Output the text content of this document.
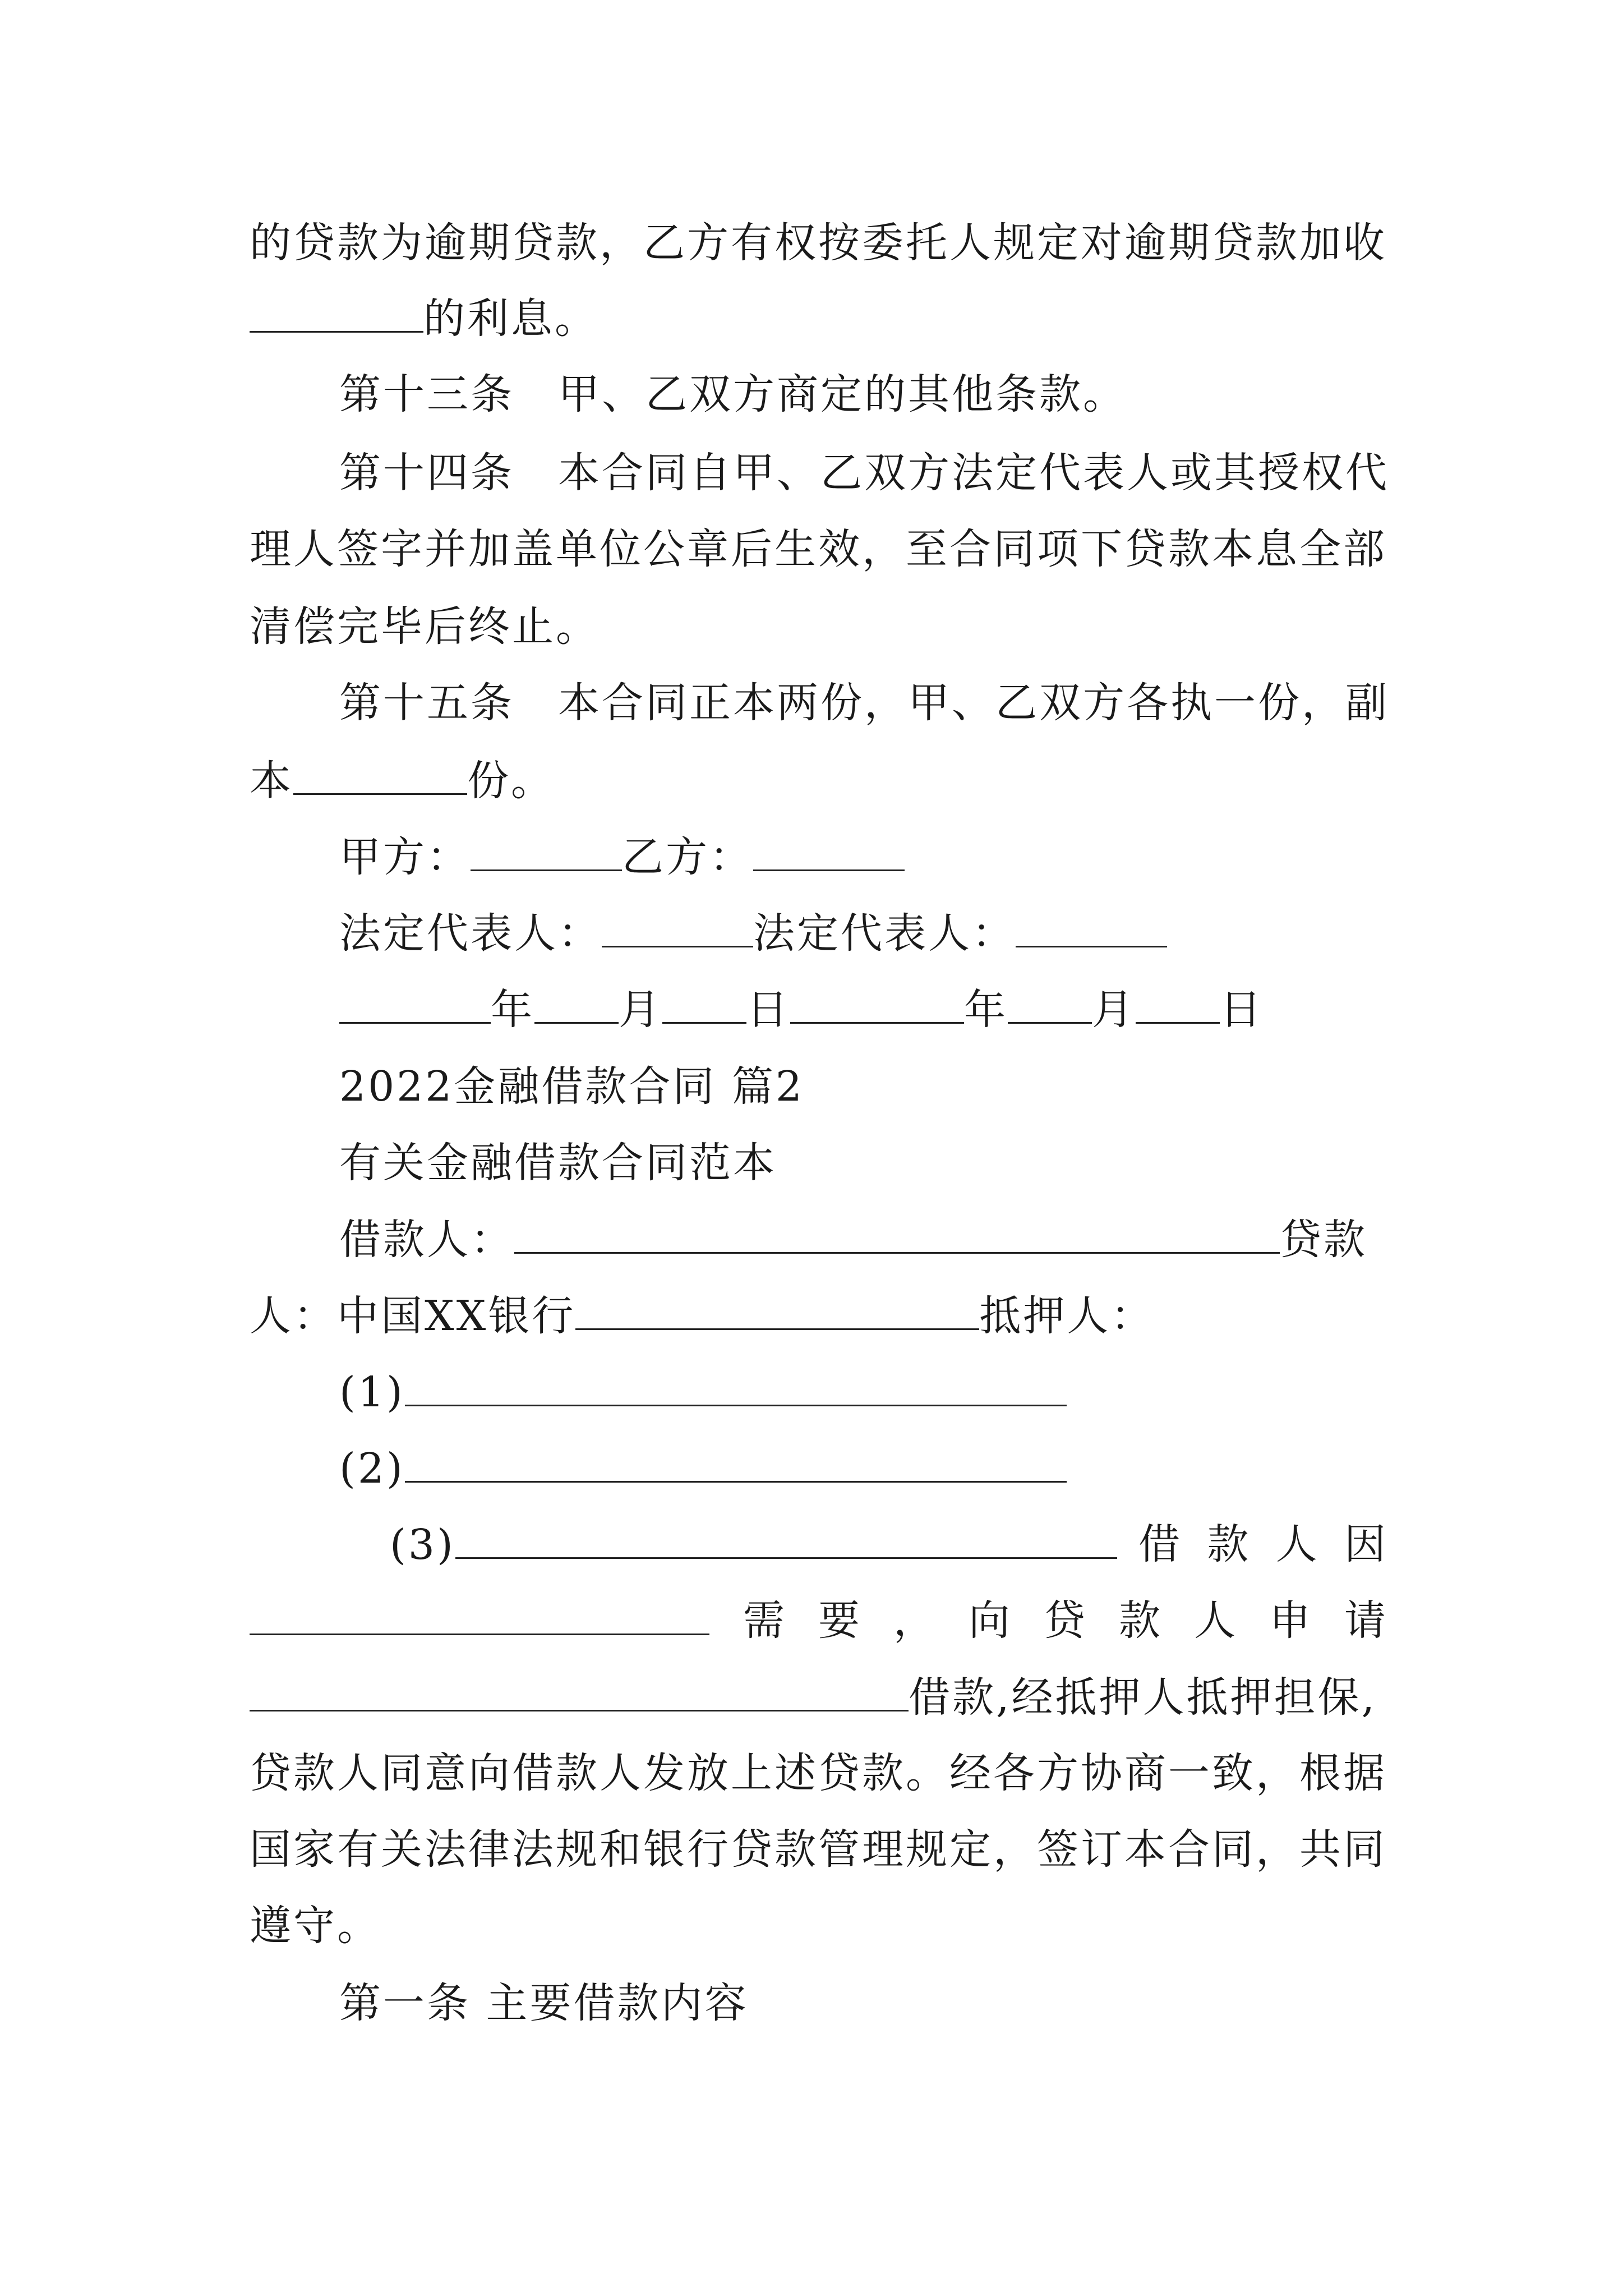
的贷款为逾期贷款，乙方有权按委托人规定对逾期贷款加收
的利息。
第十三条　甲、乙双方商定的其他条款。
第十四条　本合同自甲、乙双方法定代表人或其授权代
理人签字并加盖单位公章后生效，至合同项下贷款本息全部
清偿完毕后终止。
第十五条　本合同正本两份，甲、乙双方各执一份，副
本	份。
甲方：	乙方：
法定代表人：	法定代表人：
年 月 日	年 月 日
2022金融借款合同 篇2
有关金融借款合同范本
借款人：	贷款
人：中国XX银行	抵押人：
(1)
(2)
(3)	借 款 人 因
需 要 ， 向 贷 款 人 申 请
借款,经抵押人抵押担保,
贷款人同意向借款人发放上述贷款。经各方协商一致，根据
国家有关法律法规和银行贷款管理规定，签订本合同，共同
遵守。
第一条 主要借款内容
